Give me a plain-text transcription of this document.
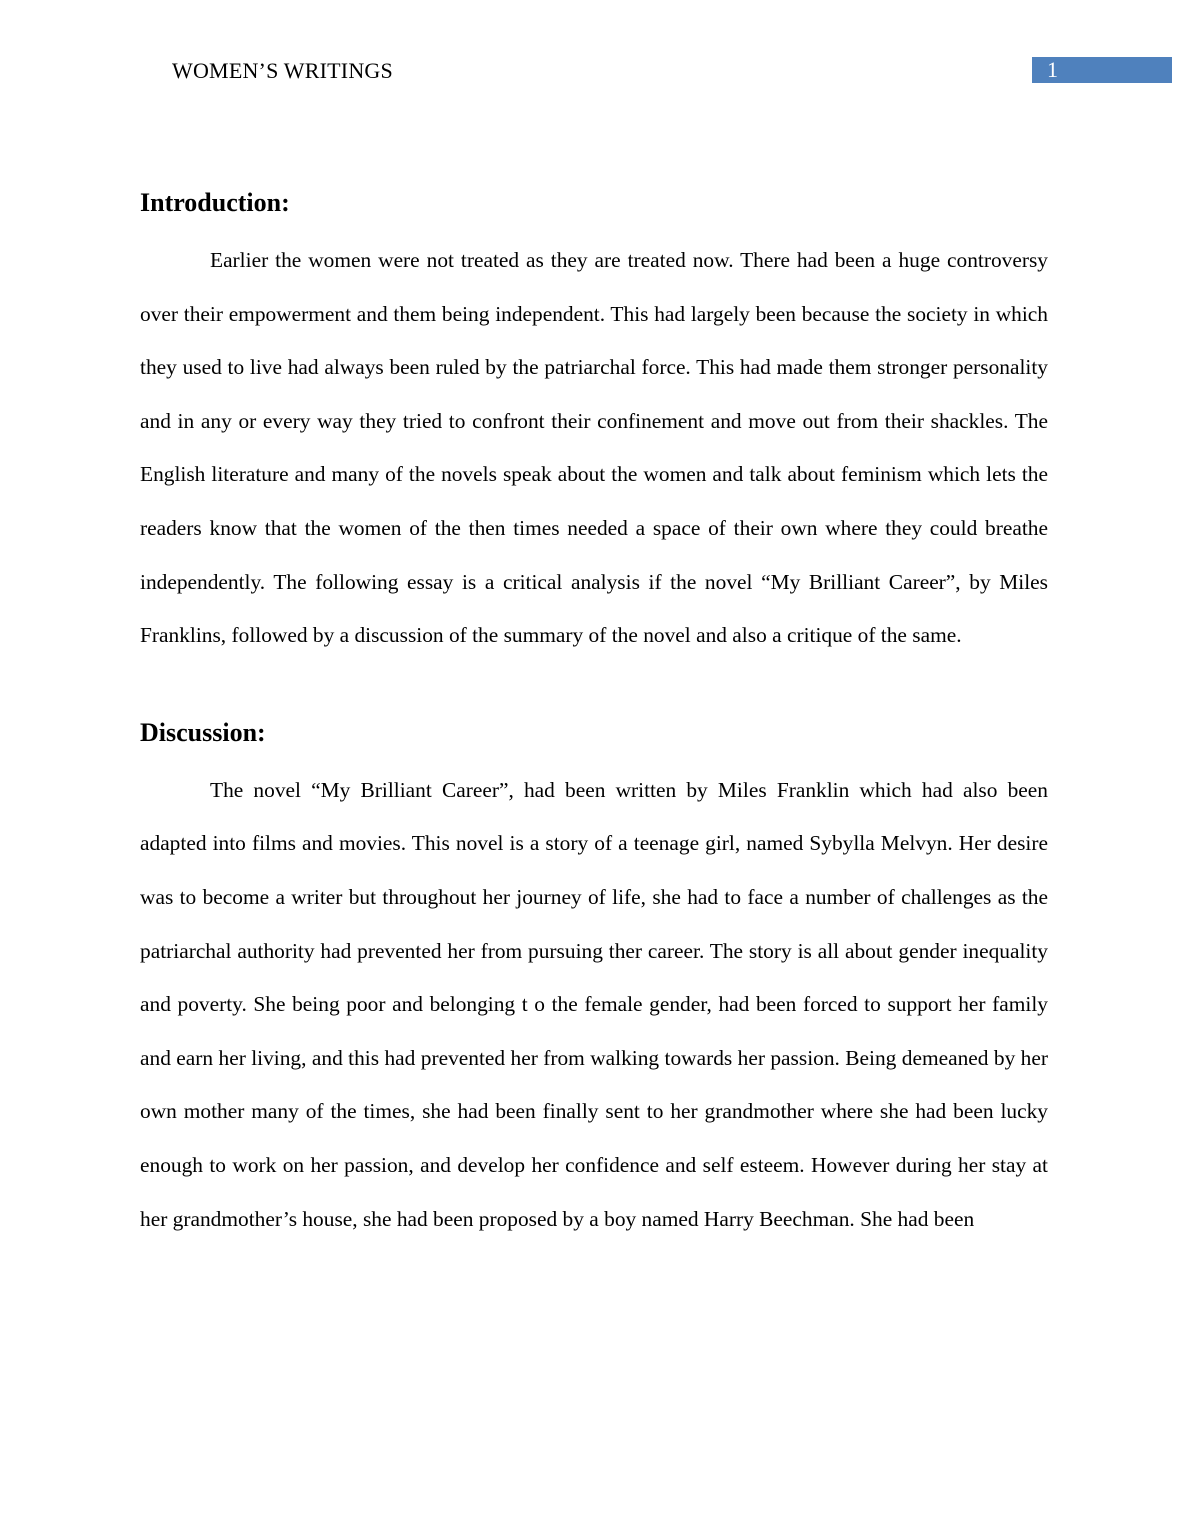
WOMEN’S WRITINGS	1
Introduction:

Earlier the women were not treated as they are treated now. There had been a huge controversy over their empowerment and them being independent. This had largely been because the society in which they used to live had always been ruled by the patriarchal force. This had made them stronger personality and in any or every way they tried to confront their confinement and move out from their shackles. The English literature and many of the novels speak about the women and talk about feminism which lets the readers know that the women of the then times needed a space of their own where they could breathe independently. The following essay is a critical analysis if the novel “My Brilliant Career”, by Miles Franklins, followed by a discussion of the summary of the novel and also a critique of the same.

Discussion:

The novel “My Brilliant Career”, had been written by Miles Franklin which had also been adapted into films and movies. This novel is a story of a teenage girl, named Sybylla Melvyn. Her desire was to become a writer but throughout her journey of life, she had to face a number of challenges as the patriarchal authority had prevented her from pursuing ther career. The story is all about gender inequality and poverty. She being poor and belonging t o the female gender, had been forced to support her family and earn her living, and this had prevented her from walking towards her passion. Being demeaned by her own mother many of the times, she had been finally sent to her grandmother where she had been lucky enough to work on her passion, and develop her confidence and self esteem. However during her stay at her grandmother’s house, she had been proposed by a boy named Harry Beechman. She had been
